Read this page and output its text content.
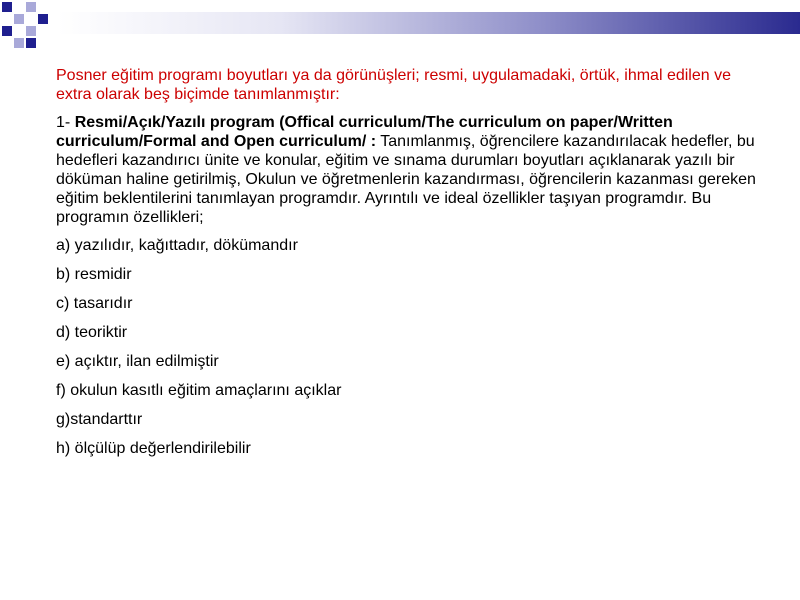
Posner eğitim programı boyutları ya da görünüşleri; resmi, uygulamadaki, örtük, ihmal edilen ve extra olarak beş biçimde tanımlanmıştır:

1- Resmi/Açık/Yazılı program (Offical curriculum/The curriculum on paper/Written curriculum/Formal and Open curriculum/ : Tanımlanmış, öğrencilere kazandırılacak hedefler, bu hedefleri kazandırıcı ünite ve konular, eğitim ve sınama durumları boyutları açıklanarak yazılı bir döküman haline getirilmiş, Okulun ve öğretmenlerin kazandırması, öğrencilerin kazanması gereken eğitim beklentilerini tanımlayan programdır. Ayrıntılı ve ideal özellikler taşıyan programdır. Bu programın özellikleri;

a) yazılıdır, kağıttadır, dökümandır
b) resmidir
c) tasarıdır
d) teoriktir
e) açıktır, ilan edilmiştir
f) okulun kasıtlı eğitim amaçlarını açıklar
g)standarttır
h) ölçülüp değerlendirilebilir
